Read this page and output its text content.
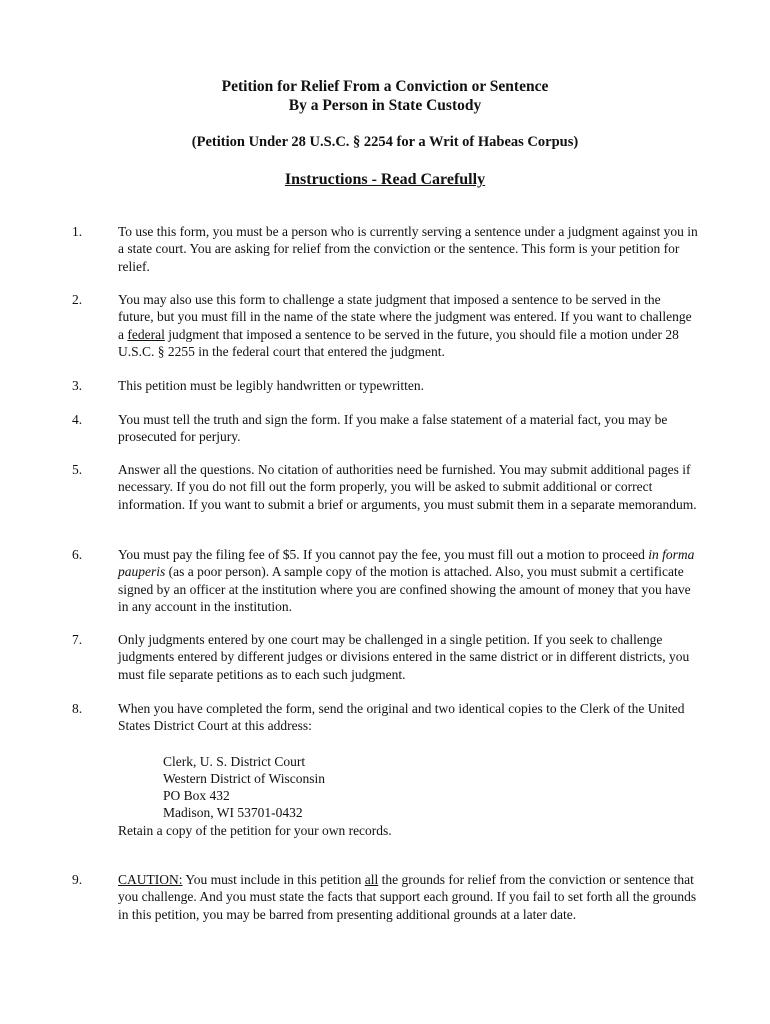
Petition for Relief From a Conviction or Sentence
By a Person in State Custody
(Petition Under 28 U.S.C. § 2254 for a Writ of Habeas Corpus)
Instructions - Read Carefully
1.	To use this form, you must be a person who is currently serving a sentence under a judgment against you in a state court. You are asking for relief from the conviction or the sentence. This form is your petition for relief.

2.	You may also use this form to challenge a state judgment that imposed a sentence to be served in the future, but you must fill in the name of the state where the judgment was entered. If you want to challenge a federal judgment that imposed a sentence to be served in the future, you should file a motion under 28 U.S.C. § 2255 in the federal court that entered the judgment.

3.	This petition must be legibly handwritten or typewritten.

4.	You must tell the truth and sign the form. If you make a false statement of a material fact, you may be prosecuted for perjury.

5.	Answer all the questions. No citation of authorities need be furnished. You may submit additional pages if necessary. If you do not fill out the form properly, you will be asked to submit additional or correct information. If you want to submit a brief or arguments, you must submit them in a separate memorandum.

6.	You must pay the filing fee of $5. If you cannot pay the fee, you must fill out a motion to proceed in forma pauperis (as a poor person). A sample copy of the motion is attached. Also, you must submit a certificate signed by an officer at the institution where you are confined showing the amount of money that you have in any account in the institution.

7.	Only judgments entered by one court may be challenged in a single petition. If you seek to challenge judgments entered by different judges or divisions entered in the same district or in different districts, you must file separate petitions as to each such judgment.

8.	When you have completed the form, send the original and two identical copies to the Clerk of the United States District Court at this address:

Clerk, U. S. District Court
Western District of Wisconsin
PO Box 432
Madison, WI 53701-0432

Retain a copy of the petition for your own records.

9.	CAUTION: You must include in this petition all the grounds for relief from the conviction or sentence that you challenge. And you must state the facts that support each ground. If you fail to set forth all the grounds in this petition, you may be barred from presenting additional grounds at a later date.
